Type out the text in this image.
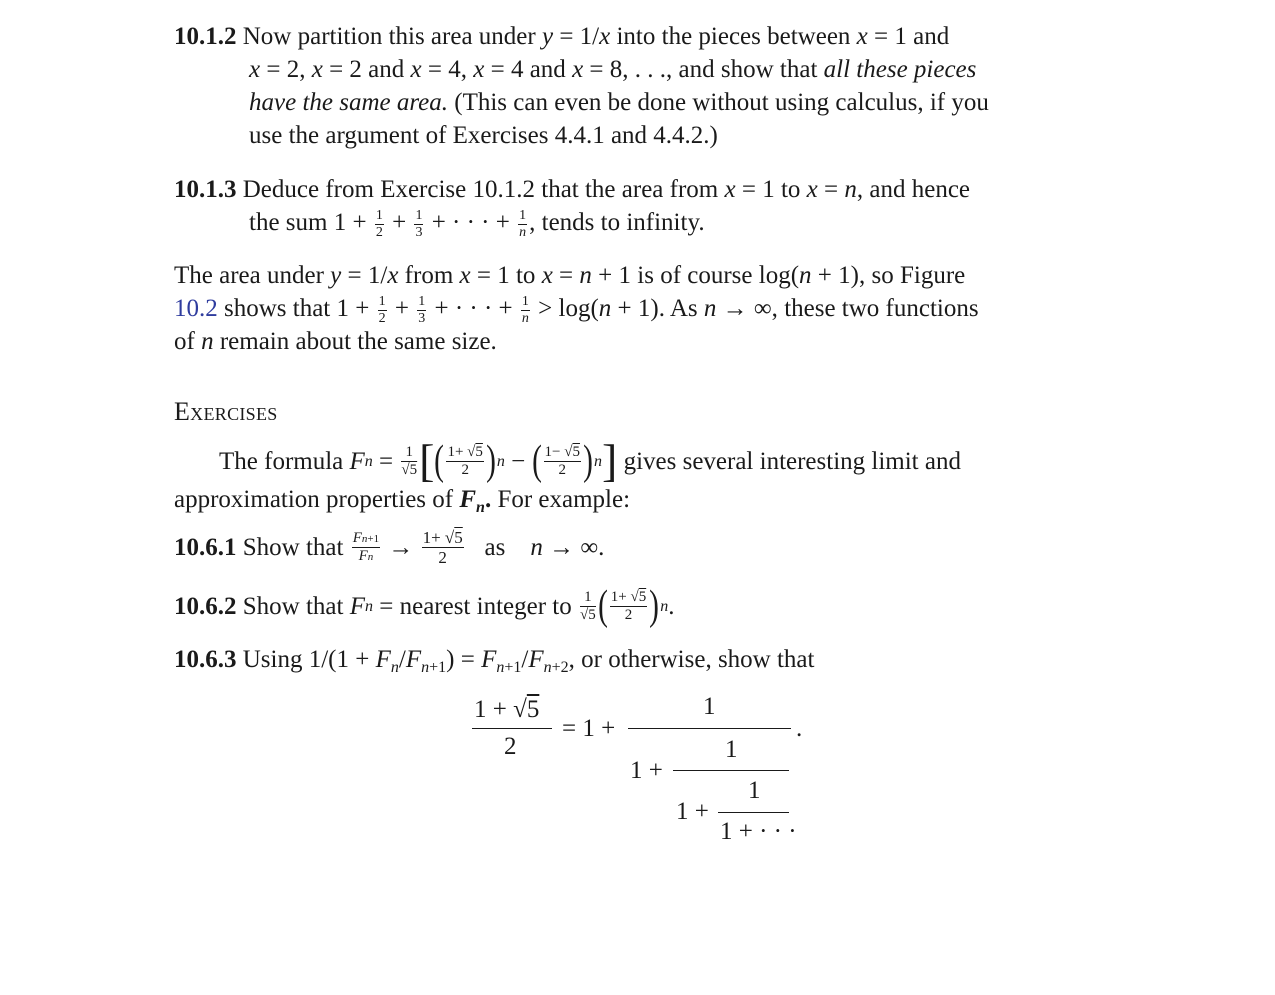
10.1.2 Now partition this area under y = 1/x into the pieces between x = 1 and
x = 2, x = 2 and x = 4, x = 4 and x = 8, . . ., and show that all these pieces
have the same area. (This can even be done without using calculus, if you
use the argument of Exercises 4.4.1 and 4.4.2.)
10.1.3 Deduce from Exercise 10.1.2 that the area from x = 1 to x = n, and hence
the sum $1 + \frac{1}{2} + \frac{1}{3}$ + · · · + $\frac{1}{n}$ , tends to infinity.
The area under y = 1/x from x = 1 to x = n + 1 is of course log(n + 1), so Figure
10.2 shows that $1 + \frac{1}{2} + \frac{1}{3}$ + · · · + $\frac{1}{n} > \log(n + 1)$. As n → ∞, these two functions
of n remain about the same size.
Exercises
The formula
F n = 1
√5 [ ( 1+ √5
2 ) n − ( 1− √5
2 ) n ]
gives several interesting limit and
approximation properties of $F_n$. For example:
10.6.1
Show that
Fn+1
Fn → 1+ √5
2
	as
n → ∞.
10.6.2
Show that
F n = nearest integer to
1
√5 ( 1+ √5
2 ) n .
10.6.3 Using $1/(1 + F_n/F_{n+1}) = F_{n+1}/F_{n+2}$, or otherwise, show that
1 + √5
2
= 1 +
1
.
1
1 +
1
1 +
1 + · · ·
